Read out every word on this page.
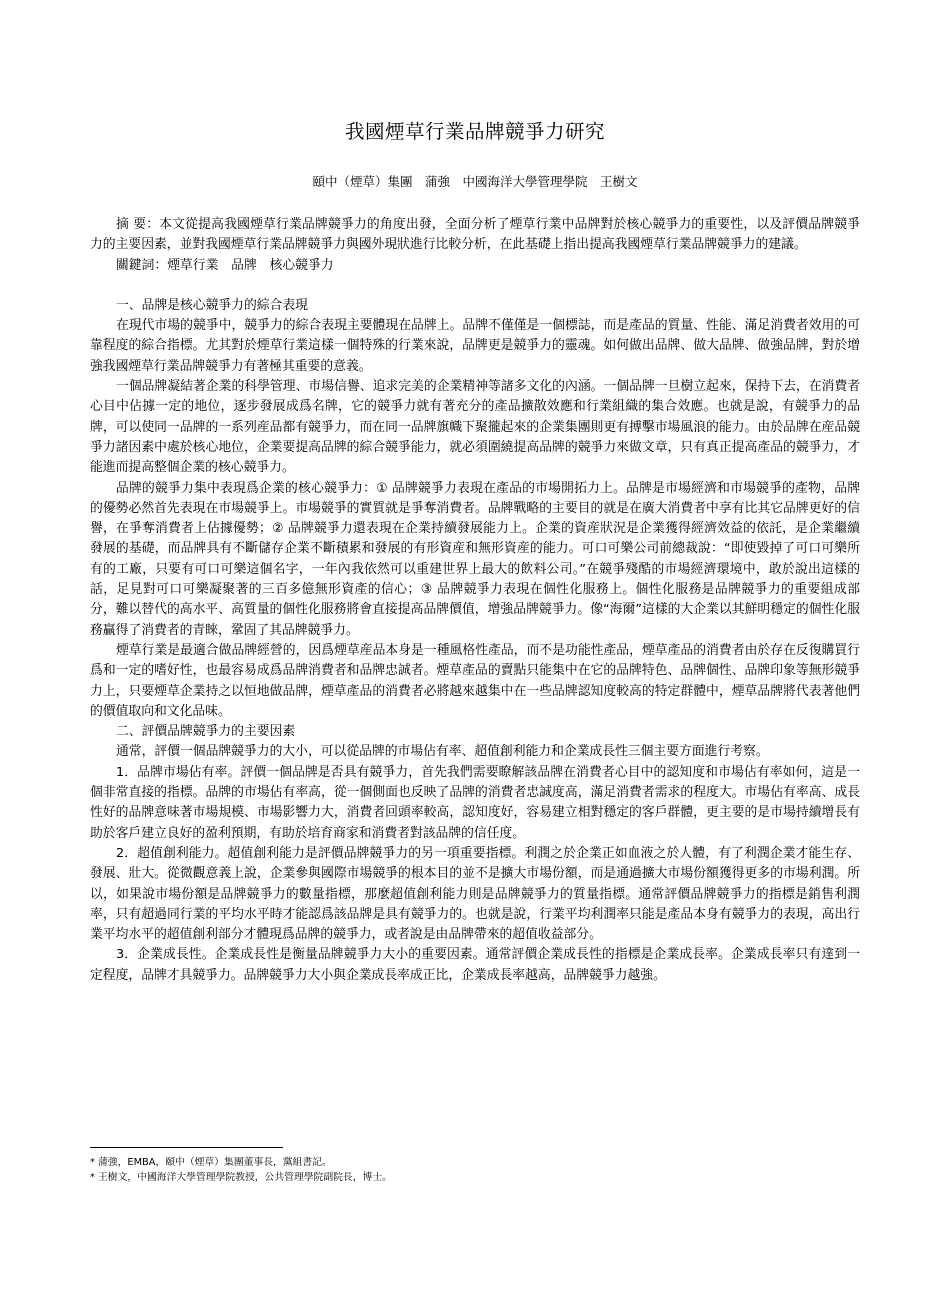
我國煙草行業品牌競爭力研究
頤中（煙草）集團　蒲強　中國海洋大學管理學院　王樹文

摘 要：本文從提高我國煙草行業品牌競爭力的角度出發，全面分析了煙草行業中品牌對於核心競爭力的重要性，以及評價品牌競爭力的主要因素，並對我國煙草行業品牌競爭力與國外現狀進行比較分析，在此基礎上指出提高我國煙草行業品牌競爭力的建議。

關鍵詞：煙草行業　品牌　核心競爭力

一、品牌是核心競爭力的綜合表現

在現代市場的競爭中，競爭力的綜合表現主要體現在品牌上。品牌不僅僅是一個標誌，而是產品的質量、性能、滿足消費者效用的可靠程度的綜合指標。尤其對於煙草行業這樣一個特殊的行業來說，品牌更是競爭力的靈魂。如何做出品牌、做大品牌、做強品牌，對於增強我國煙草行業品牌競爭力有著極其重要的意義。

一個品牌凝結著企業的科學管理、市場信譽、追求完美的企業精神等諸多文化的內涵。一個品牌一旦樹立起來，保持下去，在消費者心目中佔據一定的地位，逐步發展成爲名牌，它的競爭力就有著充分的產品擴散效應和行業組織的集合效應。也就是說，有競爭力的品牌，可以使同一品牌的一系列産品都有競爭力，而在同一品牌旗幟下聚攏起來的企業集團則更有搏擊市場風浪的能力。由於品牌在産品競爭力諸因素中處於核心地位，企業要提高品牌的綜合競爭能力，就必須圍繞提高品牌的競爭力來做文章，只有真正提高產品的競爭力，才能進而提高整個企業的核心競爭力。

品牌的競爭力集中表現爲企業的核心競爭力：① 品牌競爭力表現在產品的市場開拓力上。品牌是市場經濟和市場競爭的產物，品牌的優勢必然首先表現在市場競爭上。市場競爭的實質就是爭奪消費者。品牌戰略的主要目的就是在廣大消費者中享有比其它品牌更好的信譽，在爭奪消費者上佔據優勢；② 品牌競爭力還表現在企業持續發展能力上。企業的資産狀況是企業獲得經濟效益的依託，是企業繼續發展的基礎，而品牌具有不斷儲存企業不斷積累和發展的有形資産和無形資産的能力。可口可樂公司前總裁說：“即使毀掉了可口可樂所有的工廠，只要有可口可樂這個名字，一年內我依然可以重建世界上最大的飲料公司。”在競爭殘酷的市場經濟環境中，敢於說出這樣的話，足見對可口可樂凝聚著的三百多億無形資產的信心；③ 品牌競爭力表現在個性化服務上。個性化服務是品牌競爭力的重要組成部分，難以替代的高水平、高質量的個性化服務將會直接提高品牌價值，增強品牌競爭力。像“海爾”這樣的大企業以其鮮明穩定的個性化服務贏得了消費者的青睞，鞏固了其品牌競爭力。

煙草行業是最適合做品牌經營的，因爲煙草産品本身是一種風格性產品，而不是功能性產品，煙草產品的消費者由於存在反復購買行爲和一定的嗜好性，也最容易成爲品牌消費者和品牌忠誠者。煙草產品的賣點只能集中在它的品牌特色、品牌個性、品牌印象等無形競爭力上，只要煙草企業持之以恒地做品牌，煙草產品的消費者必將越來越集中在一些品牌認知度較高的特定群體中，煙草品牌將代表著他們的價值取向和文化品味。

二、評價品牌競爭力的主要因素

通常，評價一個品牌競爭力的大小，可以從品牌的市場佔有率、超值創利能力和企業成長性三個主要方面進行考察。

1．品牌市場佔有率。評價一個品牌是否具有競爭力，首先我們需要瞭解該品牌在消費者心目中的認知度和市場佔有率如何，這是一個非常直接的指標。品牌的市場佔有率高，從一個側面也反映了品牌的消費者忠誠度高，滿足消費者需求的程度大。市場佔有率高、成長性好的品牌意味著市場規模、市場影響力大，消費者回頭率較高，認知度好，容易建立相對穩定的客戶群體，更主要的是市場持續增長有助於客戶建立良好的盈利預期，有助於培育商家和消費者對該品牌的信任度。

2．超值創利能力。超值創利能力是評價品牌競爭力的另一項重要指標。利潤之於企業正如血液之於人體，有了利潤企業才能生存、發展、壯大。從微觀意義上說，企業參與國際市場競爭的根本目的並不是擴大市場份額，而是通過擴大市場份額獲得更多的市場利潤。所以，如果說市場份額是品牌競爭力的數量指標，那麼超值創利能力則是品牌競爭力的質量指標。通常評價品牌競爭力的指標是銷售利潤率，只有超過同行業的平均水平時才能認爲該品牌是具有競爭力的。也就是說，行業平均利潤率只能是產品本身有競爭力的表現，高出行業平均水平的超值創利部分才體現爲品牌的競爭力，或者說是由品牌帶來的超值收益部分。

3．企業成長性。企業成長性是衡量品牌競爭力大小的重要因素。通常評價企業成長性的指標是企業成長率。企業成長率只有達到一定程度，品牌才具競爭力。品牌競爭力大小與企業成長率成正比，企業成長率越高，品牌競爭力越強。

* 蒲強，EMBA，頤中（煙草）集團董事長，黨組書記。

* 王樹文，中國海洋大學管理學院教授，公共管理學院副院長，博士。
